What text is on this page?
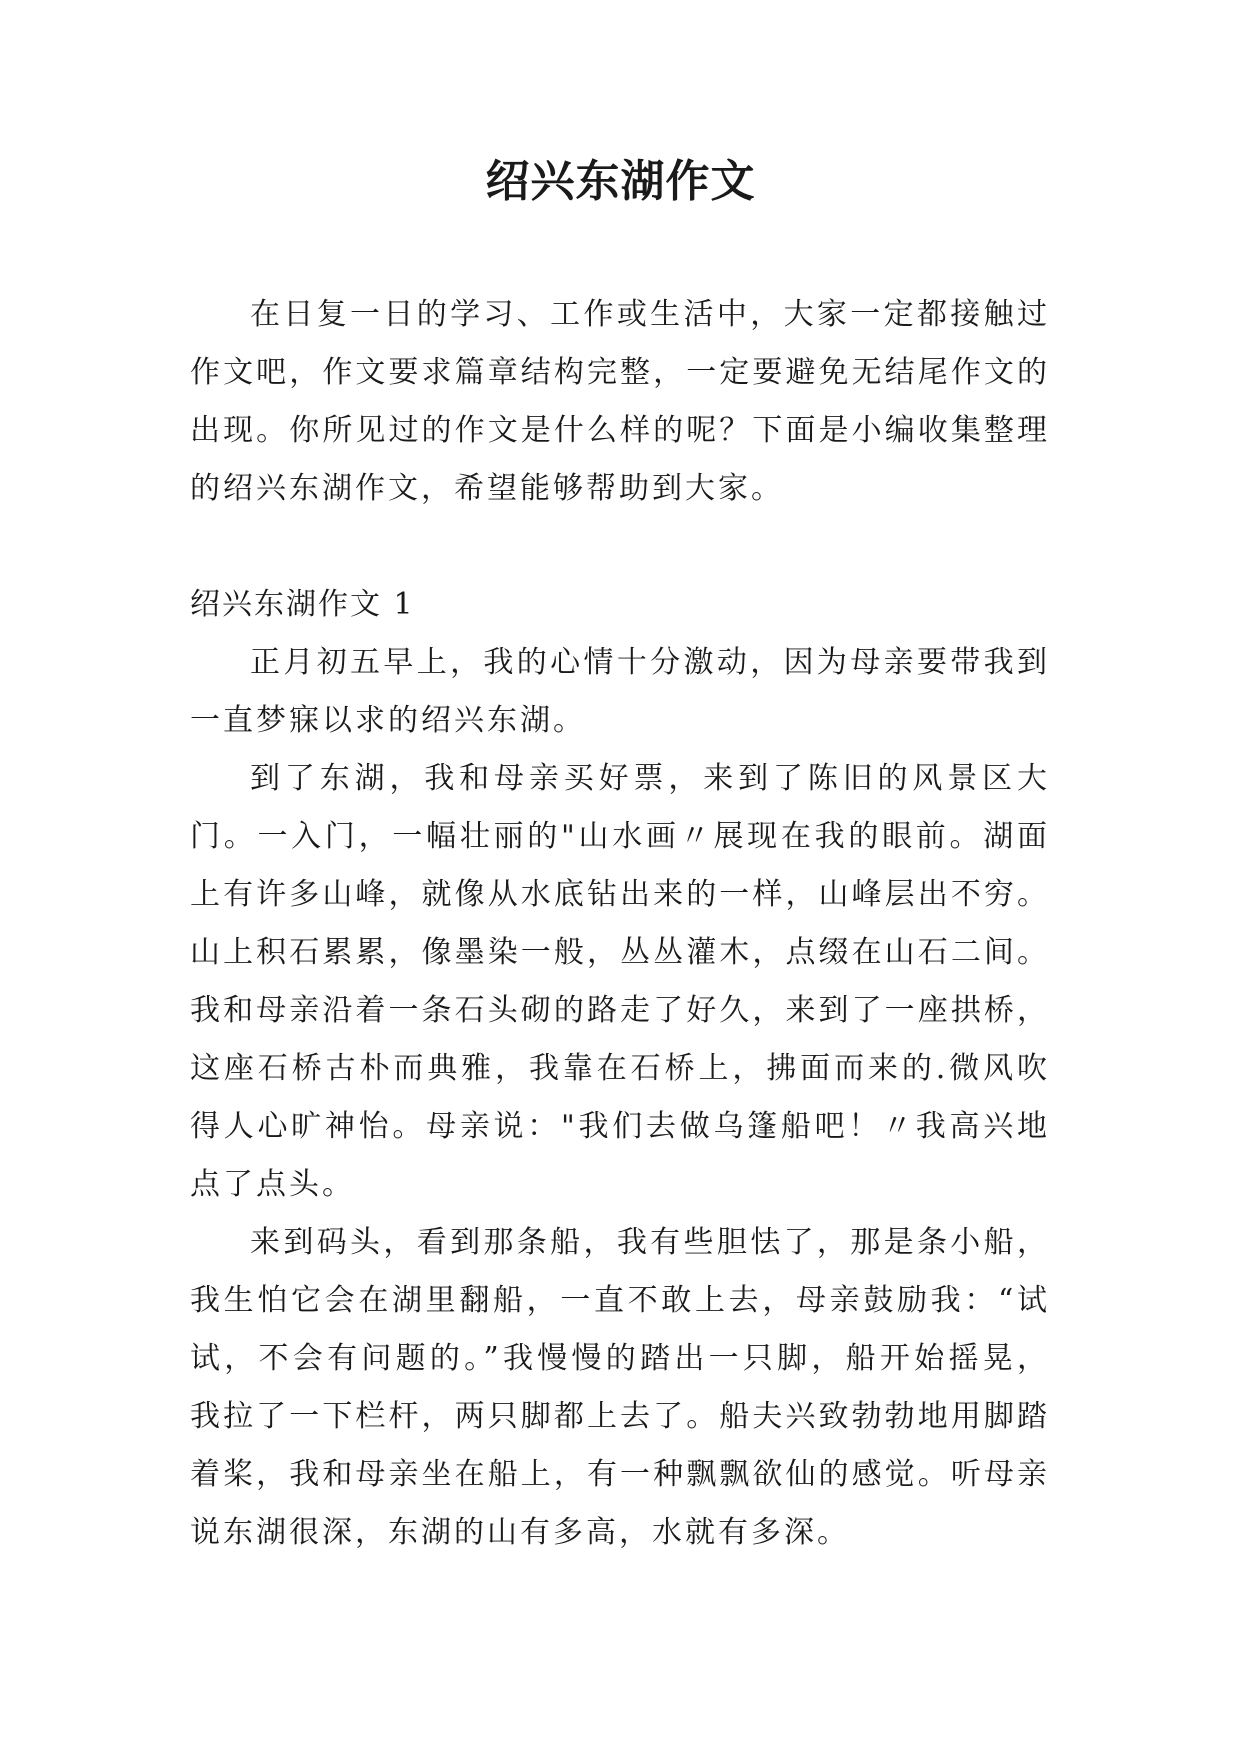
绍兴东湖作文

在日复一日的学习、工作或生活中，大家一定都接触过作文吧，作文要求篇章结构完整，一定要避免无结尾作文的出现。你所见过的作文是什么样的呢？下面是小编收集整理的绍兴东湖作文，希望能够帮助到大家。

绍兴东湖作文 1

正月初五早上，我的心情十分激动，因为母亲要带我到一直梦寐以求的绍兴东湖。

到了东湖，我和母亲买好票，来到了陈旧的风景区大门。一入门，一幅壮丽的"山水画〃展现在我的眼前。湖面上有许多山峰，就像从水底钻出来的一样，山峰层出不穷。山上积石累累，像墨染一般，丛丛灌木，点缀在山石二间。我和母亲沿着一条石头砌的路走了好久，来到了一座拱桥，这座石桥古朴而典雅，我靠在石桥上，拂面而来的.微风吹得人心旷神怡。母亲说："我们去做乌篷船吧！〃我高兴地点了点头。

来到码头，看到那条船，我有些胆怯了，那是条小船，我生怕它会在湖里翻船，一直不敢上去，母亲鼓励我：“试试，不会有问题的。”我慢慢的踏出一只脚，船开始摇晃，我拉了一下栏杆，两只脚都上去了。船夫兴致勃勃地用脚踏着桨，我和母亲坐在船上，有一种飘飘欲仙的感觉。听母亲说东湖很深，东湖的山有多高，水就有多深。
